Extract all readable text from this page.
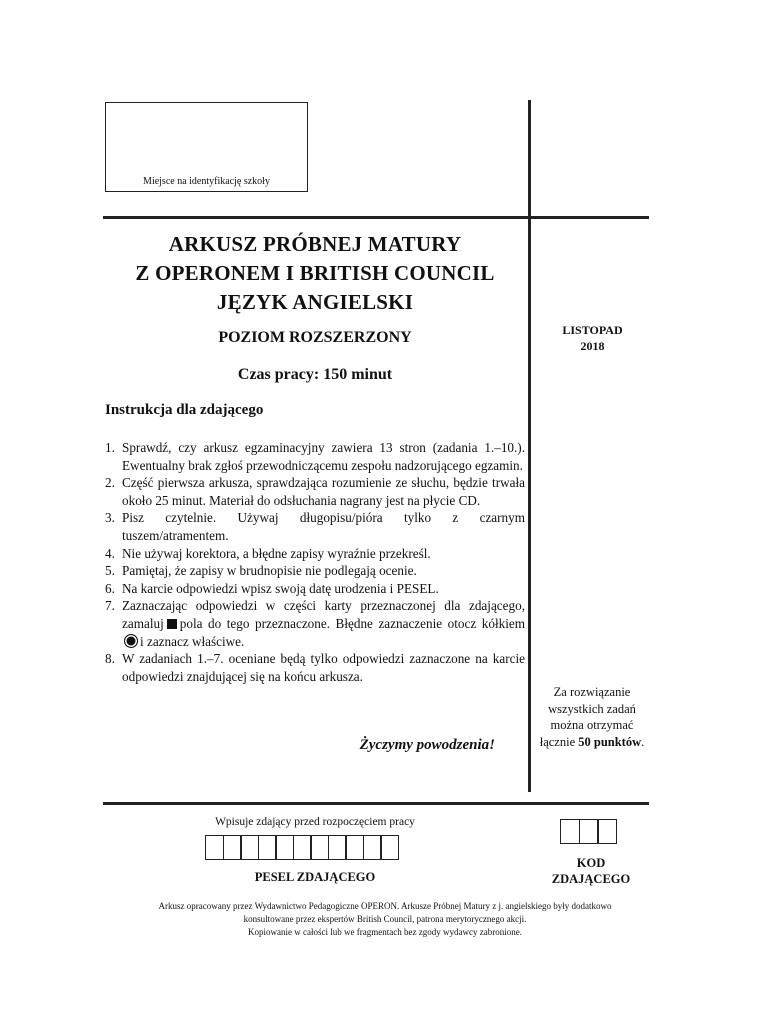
Miejsce na identyfikację szkoły
ARKUSZ PRÓBNEJ MATURY
Z OPERONEM I BRITISH COUNCIL
JĘZYK ANGIELSKI
POZIOM ROZSZERZONY
Czas pracy: 150 minut
LISTOPAD
2018
Instrukcja dla zdającego
1. Sprawdź, czy arkusz egzaminacyjny zawiera 13 stron (zadania 1.–10.). Ewentualny brak zgłoś przewodniczącemu zespołu nadzorującego egzamin.
2. Część pierwsza arkusza, sprawdzająca rozumienie ze słuchu, będzie trwała około 25 minut. Materiał do odsłuchania nagrany jest na płycie CD.
3. Pisz czytelnie. Używaj długopisu/pióra tylko z czarnym tuszem/atramentem.
4. Nie używaj korektora, a błędne zapisy wyraźnie przekreśl.
5. Pamiętaj, że zapisy w brudnopisie nie podlegają ocenie.
6. Na karcie odpowiedzi wpisz swoją datę urodzenia i PESEL.
7. Zaznaczając odpowiedzi w części karty przeznaczonej dla zdającego, zamaluj pola do tego przeznaczone. Błędne zaznaczenie otocz kółkiemi zaznacz właściwe.
8. W zadaniach 1.–7. oceniane będą tylko odpowiedzi zaznaczone na karcie odpowiedzi znajdującej się na końcu arkusza.
Życzymy powodzenia!
Za rozwiązanie
wszystkich zadań
można otrzymać
łącznie 50 punktów.
Wpisuje zdający przed rozpoczęciem pracy
PESEL ZDAJĄCEGO
KOD
ZDAJĄCEGO
Arkusz opracowany przez Wydawnictwo Pedagogiczne OPERON. Arkusze Próbnej Matury z j. angielskiego były dodatkowo
konsultowane przez ekspertów British Council, patrona merytorycznego akcji.
Kopiowanie w całości lub we fragmentach bez zgody wydawcy zabronione.
